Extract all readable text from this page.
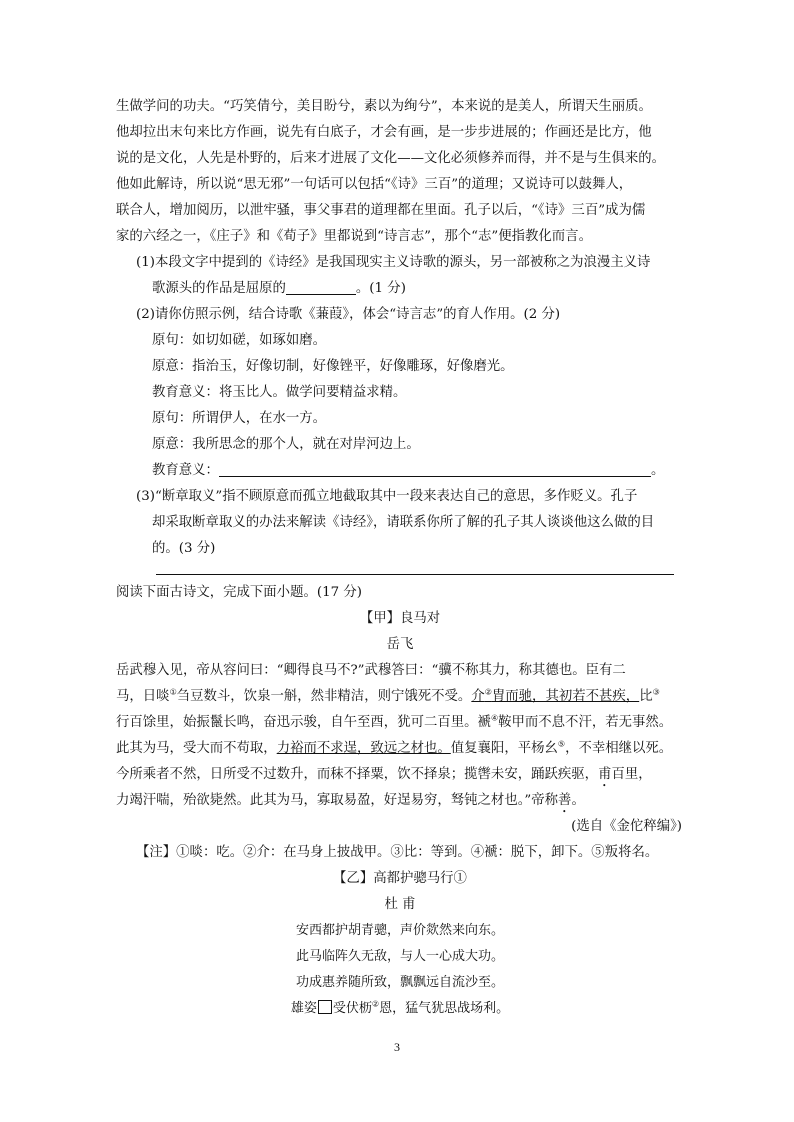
生做学问的功夫。“巧笑倩兮，美目盼兮，素以为绚兮”，本来说的是美人，所谓天生丽质。
他却拉出末句来比方作画，说先有白底子，才会有画，是一步步进展的；作画还是比方，他
说的是文化，人先是朴野的，后来才进展了文化——文化必须修养而得，并不是与生俱来的。
他如此解诗，所以说“思无邪”一句话可以包括“《诗》三百”的道理；又说诗可以鼓舞人，
联合人，增加阅历，以泄牢骚，事父事君的道理都在里面。孔子以后，“《诗》三百”成为儒
家的六经之一，《庄子》和《荀子》里都说到“诗言志”，那个“志”便指教化而言。
(1)本段文字中提到的《诗经》是我国现实主义诗歌的源头，另一部被称之为浪漫主义诗
歌源头的作品是屈原的	。(1 分)
(2)请你仿照示例，结合诗歌《蒹葭》，体会“诗言志”的育人作用。(2 分)
原句：如切如磋，如琢如磨。
原意：指治玉，好像切制，好像锉平，好像雕琢，好像磨光。
教育意义：将玉比人。做学问要精益求精。
原句：所谓伊人，在水一方。
原意：我所思念的那个人，就在对岸河边上。
教育意义：	。
(3)“断章取义”指不顾原意而孤立地截取其中一段来表达自己的意思，多作贬义。孔子
却采取断章取义的办法来解读《诗经》，请联系你所了解的孔子其人谈谈他这么做的目
的。(3 分)
阅读下面古诗文，完成下面小题。(17 分)
【甲】良马对
岳飞
岳武穆入见，帝从容问曰：“卿得良马不?”武穆答曰：“骥不称其力，称其德也。臣有二
马，日啖①刍豆数斗，饮泉一斛，然非精洁，则宁饿死不受。介②胄而驰，其初若不甚疾，比③
行百馀里，始振鬣长鸣，奋迅示骏，自午至酉，犹可二百里。褫④鞍甲而不息不汗，若无事然。
此其为马，受大而不苟取，力裕而不求逞，致远之材也。值复襄阳，平杨幺⑤，不幸相继以死。
今所乘者不然，日所受不过数升，而秣不择粟，饮不择泉；揽辔未安，踊跃疾驱，甫百里，
力竭汗喘，殆欲毙然。此其为马，寡取易盈，好逞易穷，驽钝之材也。”帝称善。
(选自《金佗稡编》)
【注】①啖：吃。②介：在马身上披战甲。③比：等到。④褫：脱下，卸下。⑤叛将名。
【乙】高都护骢马行①
杜 甫
安西都护胡青骢，声价欻然来向东。
此马临阵久无敌，与人一心成大功。
功成惠养随所致，飘飘远自流沙至。
雄姿 受伏枥②恩，猛气犹思战场利。
3
